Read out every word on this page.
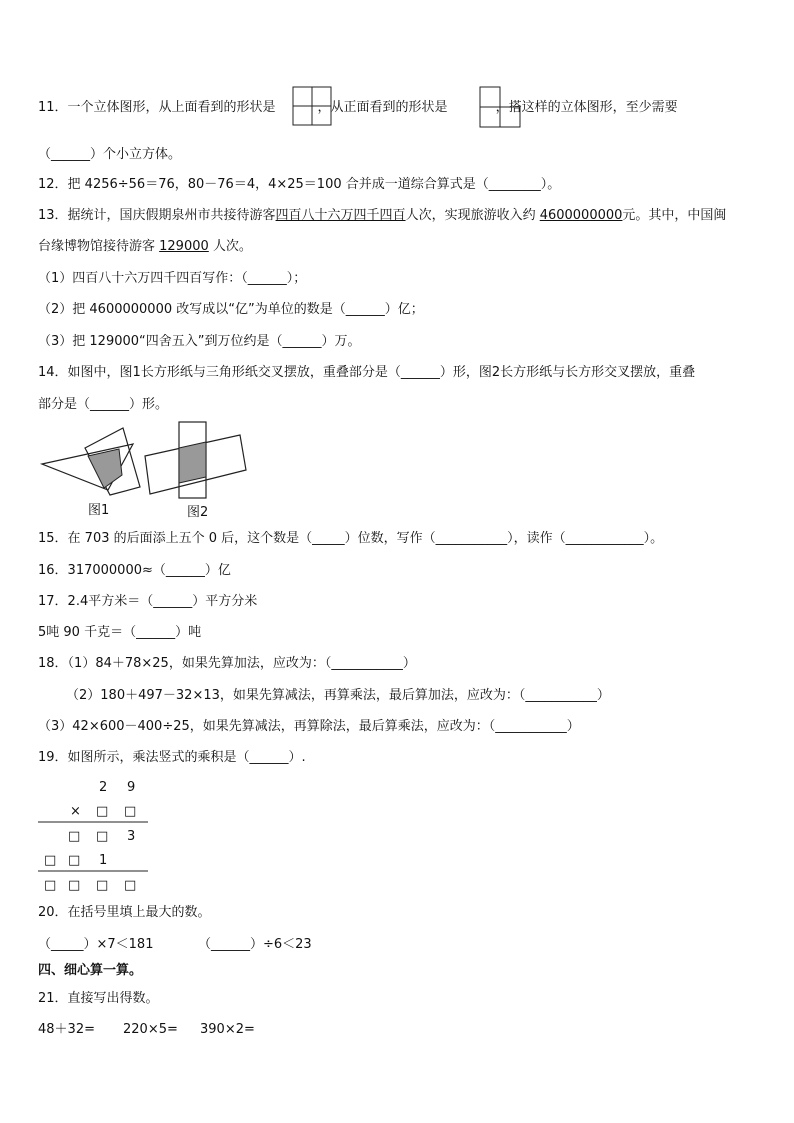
11．一个立体图形，从上面看到的形状是	，从正面看到的形状是	，搭这样的立体图形，至少需要
（______）个小立方体。
12．把 4256÷56＝76，80－76＝4，4×25＝100 合并成一道综合算式是（________）。
13．据统计，国庆假期泉州市共接待游客四百八十六万四千四百人次，实现旅游收入约 4600000000元。其中，中国闽
台缘博物馆接待游客 129000 人次。
（1）四百八十六万四千四百写作：（______）；
（2）把 4600000000 改写成以“亿”为单位的数是（______）亿；
（3）把 129000“四舍五入”到万位约是（______）万。
14．如图中，图1长方形纸与三角形纸交叉摆放，重叠部分是（______）形，图2长方形纸与长方形交叉摆放，重叠
部分是（______）形。
图1	图2
15．在 703 的后面添上五个 0 后，这个数是（_____）位数，写作（___________），读作（____________）。
16．317000000≈（______）亿
17．2.4平方米＝（______）平方分米
5吨 90 千克＝（______）吨
18．（1）84＋78×25，如果先算加法，应改为：（___________）
（2）180＋497－32×13，如果先算减法，再算乘法，最后算加法，应改为：（___________）
（3）42×600－400÷25，如果先算减法，再算除法，最后算乘法，应改为：（___________）
19．如图所示，乘法竖式的乘积是（______）.
2 9
× □ □
□ □ 3
□ □ 1
□ □ □ □
20．在括号里填上最大的数。
（_____）×7＜181	（______）÷6＜23
四、细心算一算。
21．直接写出得数。
48＋32= 220×5= 390×2=
